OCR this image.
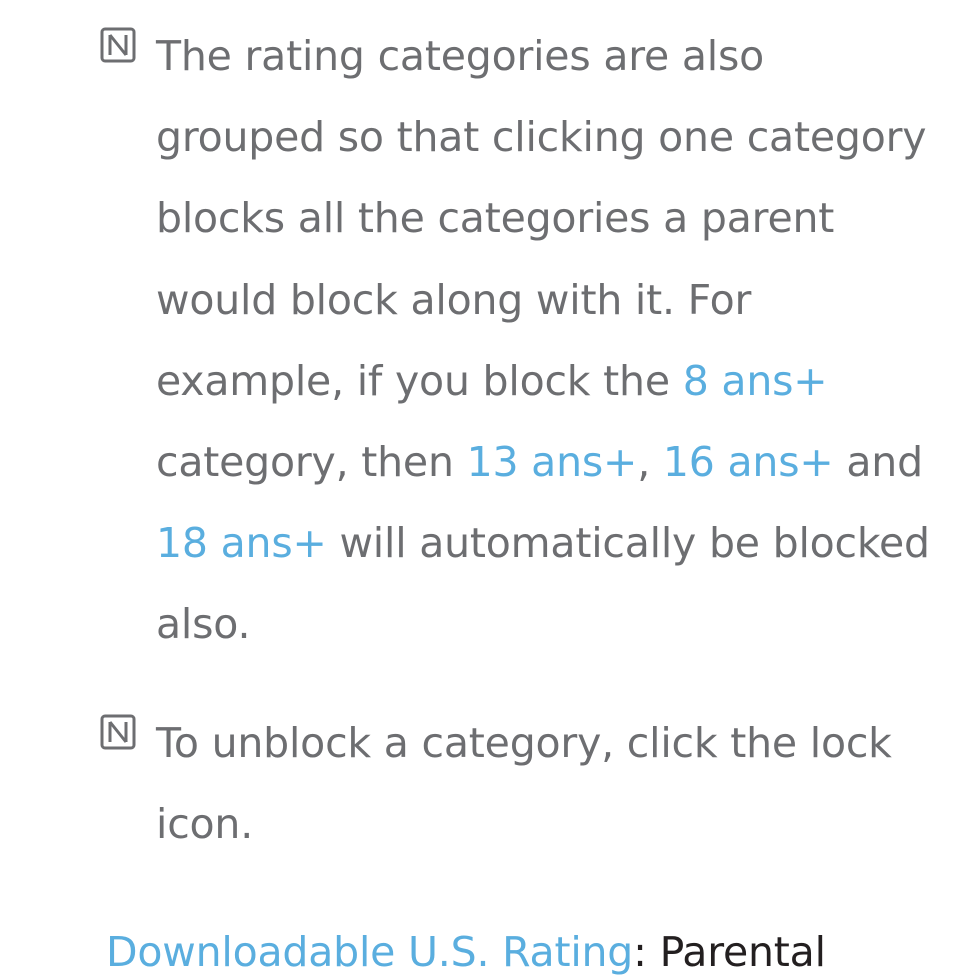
The rating categories are also grouped so that clicking one category blocks all the categories a parent would block along with it. For example, if you block the 8 ans+ category, then 13 ans+, 16 ans+ and 18 ans+ will automatically be blocked also.

To unblock a category, click the lock icon.

Downloadable U.S. Rating: Parental
